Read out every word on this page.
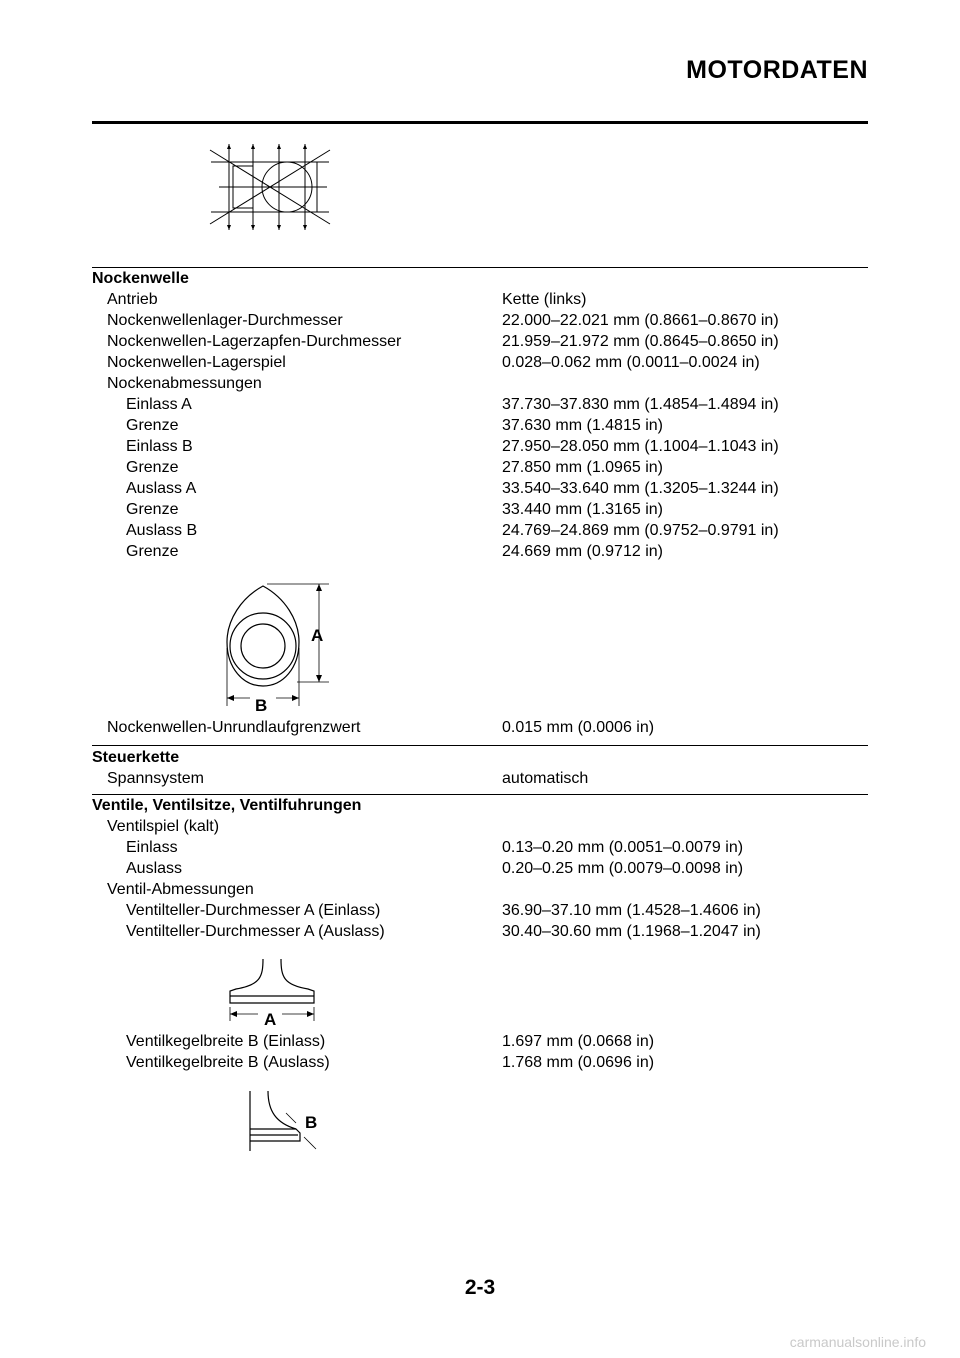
MOTORDATEN
Nockenwelle
Antrieb	Kette (links)
Nockenwellenlager-Durchmesser	22.000–22.021 mm (0.8661–0.8670 in)
Nockenwellen-Lagerzapfen-Durchmesser	21.959–21.972 mm (0.8645–0.8650 in)
Nockenwellen-Lagerspiel	0.028–0.062 mm (0.0011–0.0024 in)
Nockenabmessungen
Einlass A	37.730–37.830 mm (1.4854–1.4894 in)
Grenze	37.630 mm (1.4815 in)
Einlass B	27.950–28.050 mm (1.1004–1.1043 in)
Grenze	27.850 mm (1.0965 in)
Auslass A	33.540–33.640 mm (1.3205–1.3244 in)
Grenze	33.440 mm (1.3165 in)
Auslass B	24.769–24.869 mm (0.9752–0.9791 in)
Grenze	24.669 mm (0.9712 in)
A
B
Nockenwellen-Unrundlaufgrenzwert	0.015 mm (0.0006 in)
Steuerkette
Spannsystem	automatisch
Ventile, Ventilsitze, Ventilfuhrungen
Ventilspiel (kalt)
Einlass	0.13–0.20 mm (0.0051–0.0079 in)
Auslass	0.20–0.25 mm (0.0079–0.0098 in)
Ventil-Abmessungen
Ventilteller-Durchmesser A (Einlass)	36.90–37.10 mm (1.4528–1.4606 in)
Ventilteller-Durchmesser A (Auslass)	30.40–30.60 mm (1.1968–1.2047 in)
A
Ventilkegelbreite B (Einlass)	1.697 mm (0.0668 in)
Ventilkegelbreite B (Auslass)	1.768 mm (0.0696 in)
B
2-3
carmanualsonline.info
